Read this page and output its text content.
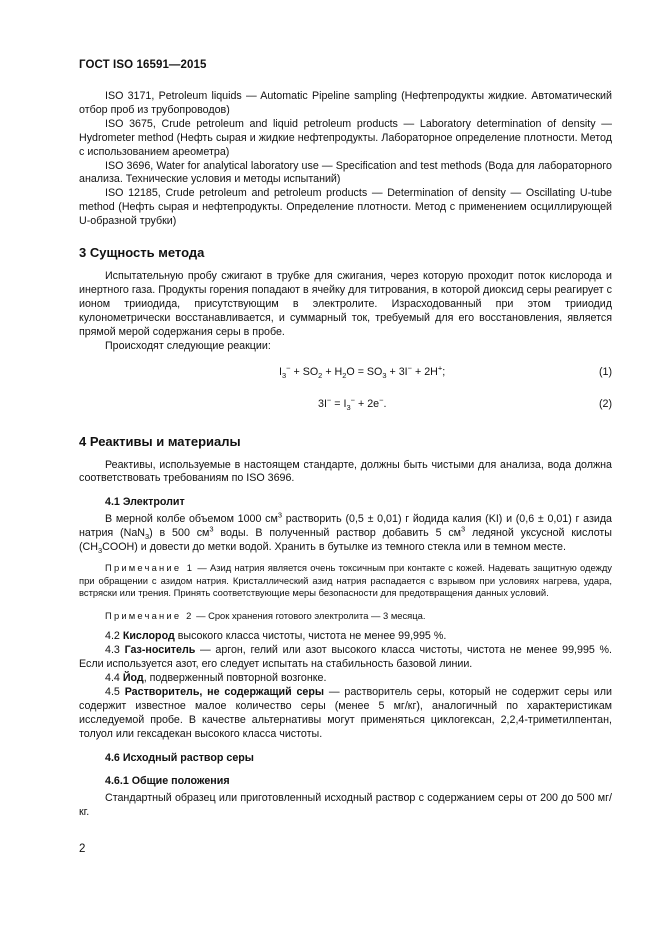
ГОСТ ISO 16591—2015

ISO 3171, Petroleum liquids — Automatic Pipeline sampling (Нефтепродукты жидкие. Автоматический отбор проб из трубопроводов)

ISO 3675, Crude petroleum and liquid petroleum products — Laboratory determination of density — Hydrometer method (Нефть сырая и жидкие нефтепродукты. Лабораторное определение плотности. Метод с использованием ареометра)

ISO 3696, Water for analytical laboratory use — Specification and test methods (Вода для лабораторного анализа. Технические условия и методы испытаний)

ISO 12185, Crude petroleum and petroleum products — Determination of density — Oscillating U-tube method (Нефть сырая и нефтепродукты. Определение плотности. Метод с применением осциллирующей U-образной трубки)

3 Сущность метода

Испытательную пробу сжигают в трубке для сжигания, через которую проходит поток кислорода и инертного газа. Продукты горения попадают в ячейку для титрования, в которой диоксид серы реагирует с ионом трииодида, присутствующим в электролите. Израсходованный при этом трииодид кулонометрически восстанавливается, и суммарный ток, требуемый для его восстановления, является прямой мерой содержания серы в пробе.

Происходят следующие реакции:

$I_3^- + SO_2 + H_2O = SO_3 + 3I^- + 2H^+$;	(1)
$3I^- = I_3^- + 2e^-$.	(2)
4 Реактивы и материалы

Реактивы, используемые в настоящем стандарте, должны быть чистыми для анализа, вода должна соответствовать требованиям по ISO 3696.

4.1 Электролит

В мерной колбе объемом 1000 $см^3$ растворить (0,5 ± 0,01) г йодида калия (KI) и (0,6 ± 0,01) г азида натрия (NaN$_3$) в 500 $см^3$ воды. В полученный раствор добавить 5 $см^3$ ледяной уксусной кислоты $(CH_3COOH)$ и довести до метки водой. Хранить в бутылке из темного стекла или в темном месте.

Примечание 1 — Азид натрия является очень токсичным при контакте с кожей. Надевать защитную одежду при обращении с азидом натрия. Кристаллический азид натрия распадается с взрывом при условиях нагрева, удара, встряски или трения. Принять соответствующие меры безопасности для предотвращения данных условий.
Примечание 2 — Срок хранения готового электролита — 3 месяца.

4.2 Кислород высокого класса чистоты, чистота не менее 99,995 %.

4.3 Газ-носитель — аргон, гелий или азот высокого класса чистоты, чистота не менее 99,995 %. Если используется азот, его следует испытать на стабильность базовой линии.

4.4 Йод, подверженный повторной возгонке.

4.5 Растворитель, не содержащий серы — растворитель серы, который не содержит серы или содержит известное малое количество серы (менее 5 мг/кг), аналогичный по характеристикам исследуемой пробе. В качестве альтернативы могут применяться циклогексан, 2,2,4-триметилпентан, толуол или гексадекан высокого класса чистоты.

4.6 Исходный раствор серы
4.6.1 Общие положения

Стандартный образец или приготовленный исходный раствор с содержанием серы от 200 до 500 мг/кг.

2
